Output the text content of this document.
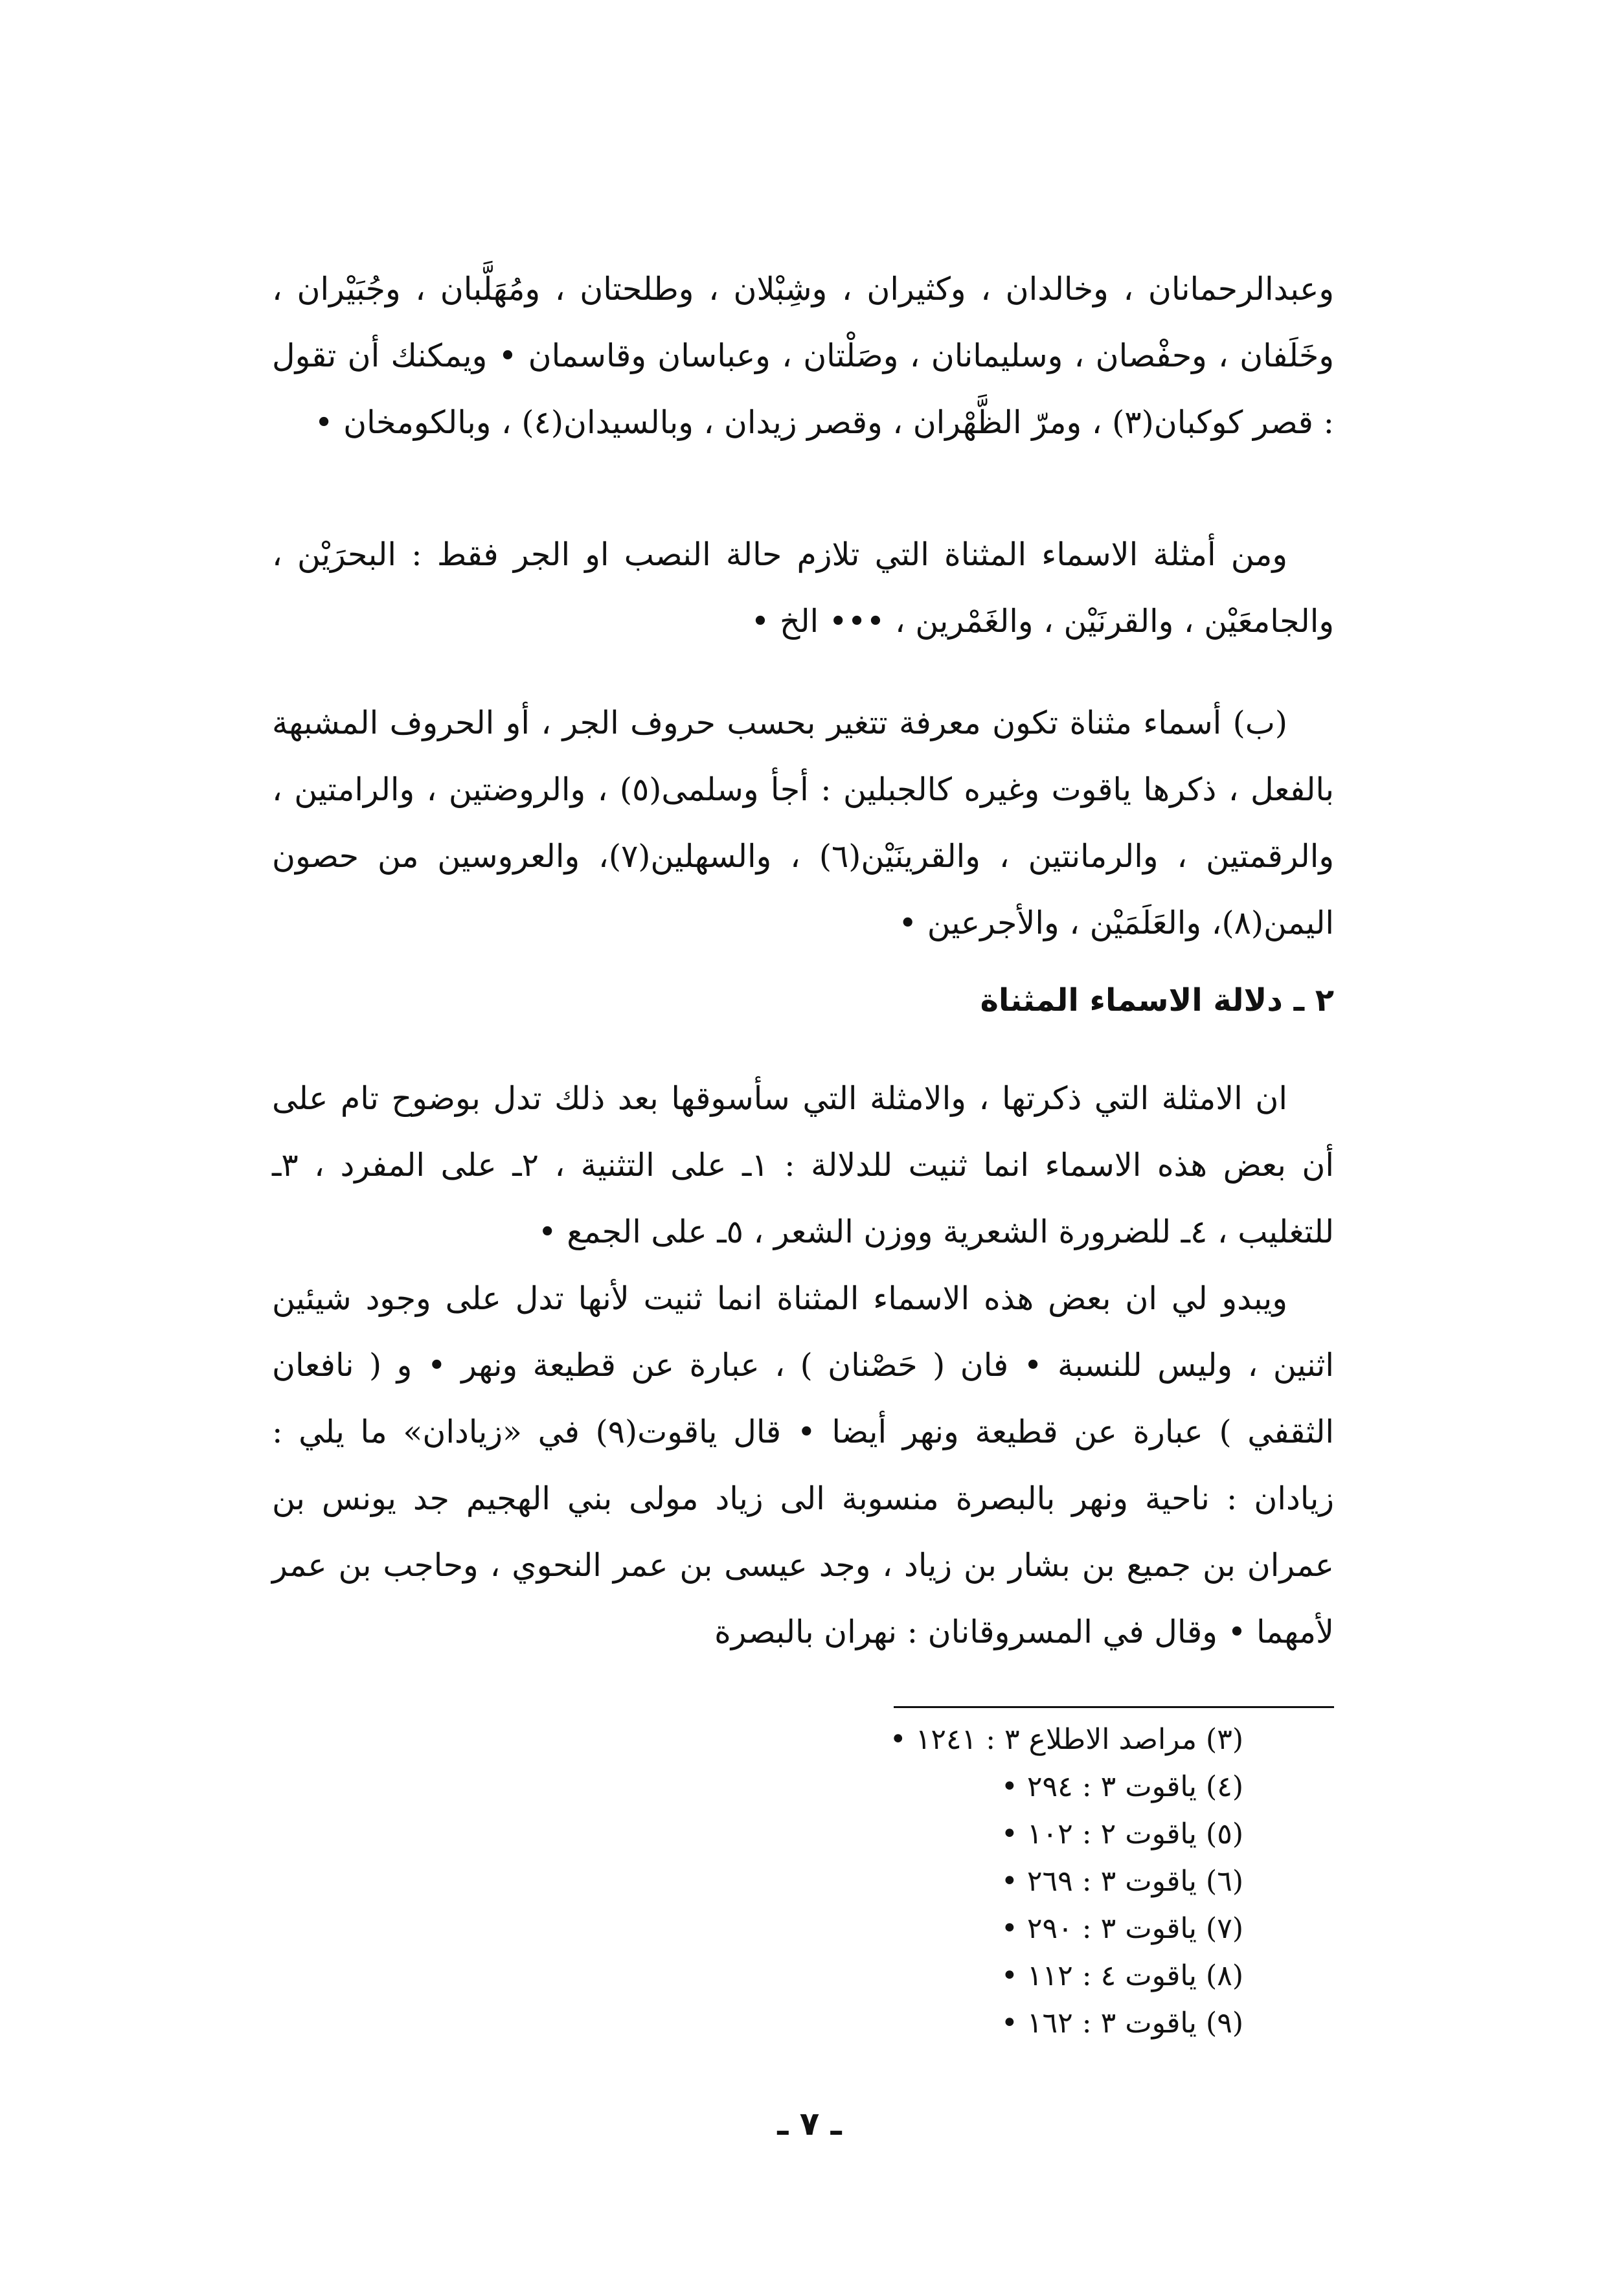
وعبدالرحمانان ، وخالدان ، وكثيران ، وشِبْلان ، وطلحتان ، ومُهَلَّبان ، وجُبَيْران ، وخَلَفان ، وحفْصان ، وسليمانان ، وصَلْتان ، وعباسان وقاسمان • ويمكنك أن تقول : قصر كوكبان(٣) ، ومرّ الظَّهْران ، وقصر زيدان ، وبالسيدان(٤) ، وبالكومخان •

ومن أمثلة الاسماء المثناة التي تلازم حالة النصب او الجر فقط : البحرَيْن ، والجامعَيْن ، والقرنَيْن ، والغَمْرين ، ••• الخ •

(ب) أسماء مثناة تكون معرفة تتغير بحسب حروف الجر ، أو الحروف المشبهة بالفعل ، ذكرها ياقوت وغيره كالجبلين : أجأ وسلمى(٥) ، والروضتين ، والرامتين ، والرقمتين ، والرمانتين ، والقرينَيْن(٦) ، والسهلين(٧)، والعروسين من حصون اليمن(٨)، والعَلَمَيْن ، والأجرعين •

٢ ـ دلالة الاسماء المثناة

ان الامثلة التي ذكرتها ، والامثلة التي سأسوقها بعد ذلك تدل بوضوح تام على أن بعض هذه الاسماء انما ثنيت للدلالة : ١ـ على التثنية ، ٢ـ على المفرد ، ٣ـ للتغليب ، ٤ـ للضرورة الشعرية ووزن الشعر ، ٥ـ على الجمع •

ويبدو لي ان بعض هذه الاسماء المثناة انما ثنيت لأنها تدل على وجود شيئين اثنين ، وليس للنسبة • فان ( حَصْنان ) ، عبارة عن قطيعة ونهر • و ( نافعان الثقفي ) عبارة عن قطيعة ونهر أيضا • قال ياقوت(٩) في «زيادان» ما يلي : زيادان : ناحية ونهر بالبصرة منسوبة الى زياد مولى بني الهجيم جد يونس بن عمران بن جميع بن بشار بن زياد ، وجد عيسى بن عمر النحوي ، وحاجب بن عمر لأمهما • وقال في المسروقانان : نهران بالبصرة

(٣) مراصد الاطلاع ٣ : ١٢٤١ •
(٤) ياقوت ٣ : ٢٩٤ •
(٥) ياقوت ٢ : ١٠٢ •
(٦) ياقوت ٣ : ٢٦٩ •
(٧) ياقوت ٣ : ٢٩٠ •
(٨) ياقوت ٤ : ١١٢ •
(٩) ياقوت ٣ : ١٦٢ •
ـ ٧ ـ
